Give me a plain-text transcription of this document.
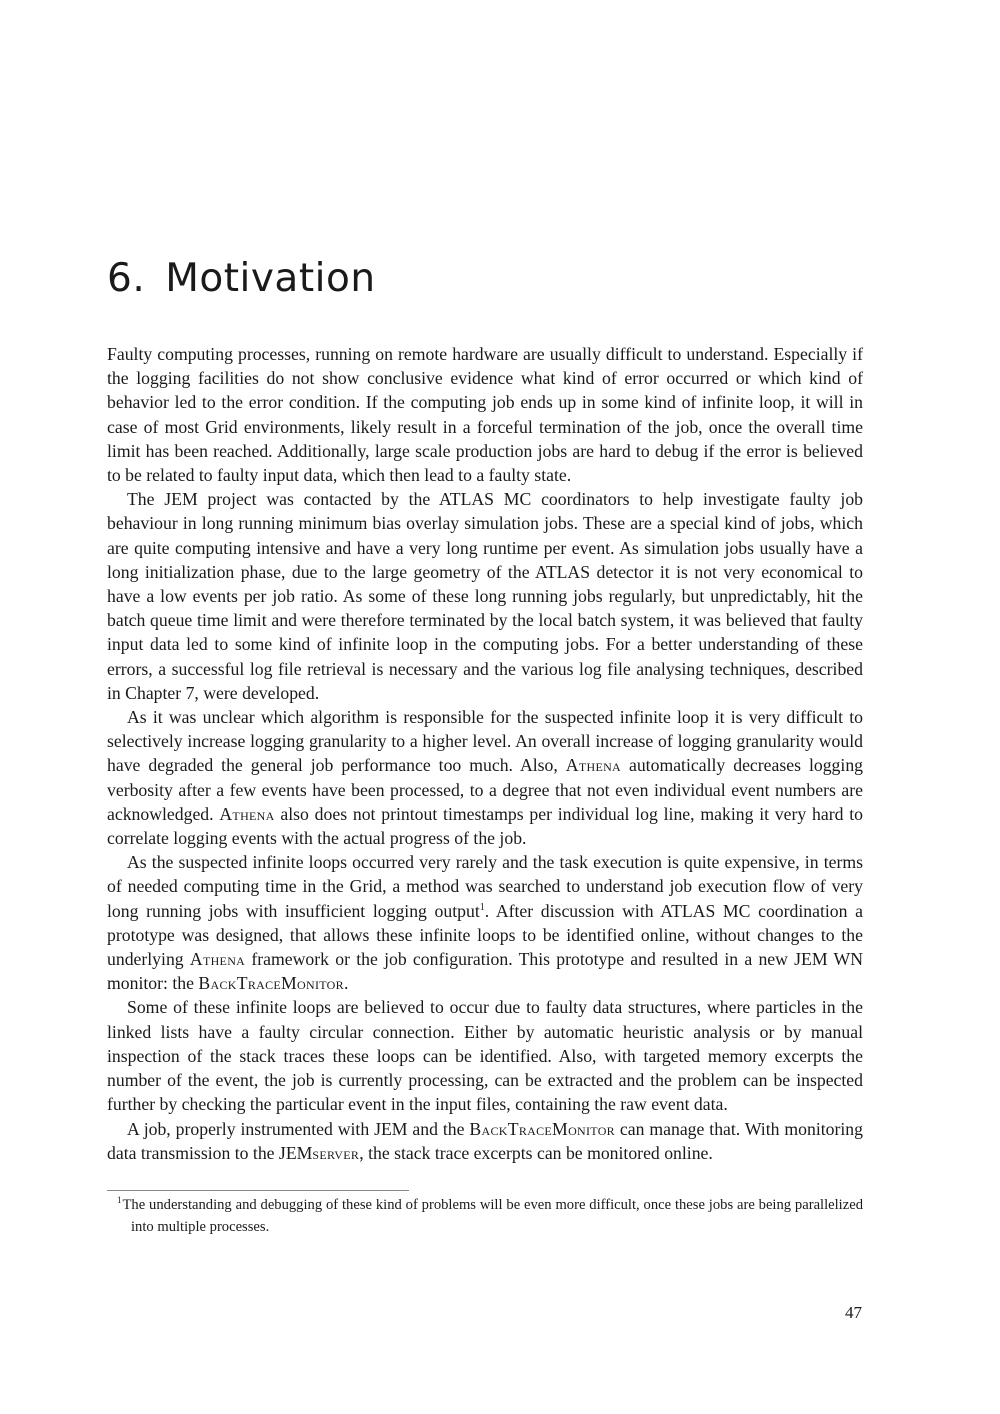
6. Motivation

Faulty computing processes, running on remote hardware are usually difficult to understand. Especially if the logging facilities do not show conclusive evidence what kind of error occurred or which kind of behavior led to the error condition. If the computing job ends up in some kind of infinite loop, it will in case of most Grid environments, likely result in a forceful termination of the job, once the overall time limit has been reached. Additionally, large scale production jobs are hard to debug if the error is believed to be related to faulty input data, which then lead to a faulty state.

The JEM project was contacted by the ATLAS MC coordinators to help investigate faulty job behaviour in long running minimum bias overlay simulation jobs. These are a special kind of jobs, which are quite computing intensive and have a very long runtime per event. As simulation jobs usually have a long initialization phase, due to the large geometry of the ATLAS detector it is not very economical to have a low events per job ratio. As some of these long running jobs regularly, but unpredictably, hit the batch queue time limit and were therefore terminated by the local batch system, it was believed that faulty input data led to some kind of infinite loop in the computing jobs. For a better understanding of these errors, a successful log file retrieval is necessary and the various log file analysing techniques, described in Chapter 7, were developed.

As it was unclear which algorithm is responsible for the suspected infinite loop it is very difficult to selectively increase logging granularity to a higher level. An overall increase of logging granularity would have degraded the general job performance too much. Also, Athena automatically decreases logging verbosity after a few events have been processed, to a degree that not even individual event numbers are acknowledged. Athena also does not printout timestamps per individual log line, making it very hard to correlate logging events with the actual progress of the job.

As the suspected infinite loops occurred very rarely and the task execution is quite expensive, in terms of needed computing time in the Grid, a method was searched to understand job execution flow of very long running jobs with insufficient logging output$^1$. After discussion with ATLAS MC coordination a prototype was designed, that allows these infinite loops to be identified online, without changes to the underlying Athena framework or the job configuration. This prototype and resulted in a new JEM WN monitor: the BackTraceMonitor.

Some of these infinite loops are believed to occur due to faulty data structures, where particles in the linked lists have a faulty circular connection. Either by automatic heuristic analysis or by manual inspection of the stack traces these loops can be identified. Also, with targeted memory excerpts the number of the event, the job is currently processing, can be extracted and the problem can be inspected further by checking the particular event in the input files, containing the raw event data.

A job, properly instrumented with JEM and the BackTraceMonitor can manage that. With monitoring data transmission to the JEMserver, the stack trace excerpts can be monitored online.

$^1$The understanding and debugging of these kind of problems will be even more difficult, once these jobs are being parallelized into multiple processes.

47
